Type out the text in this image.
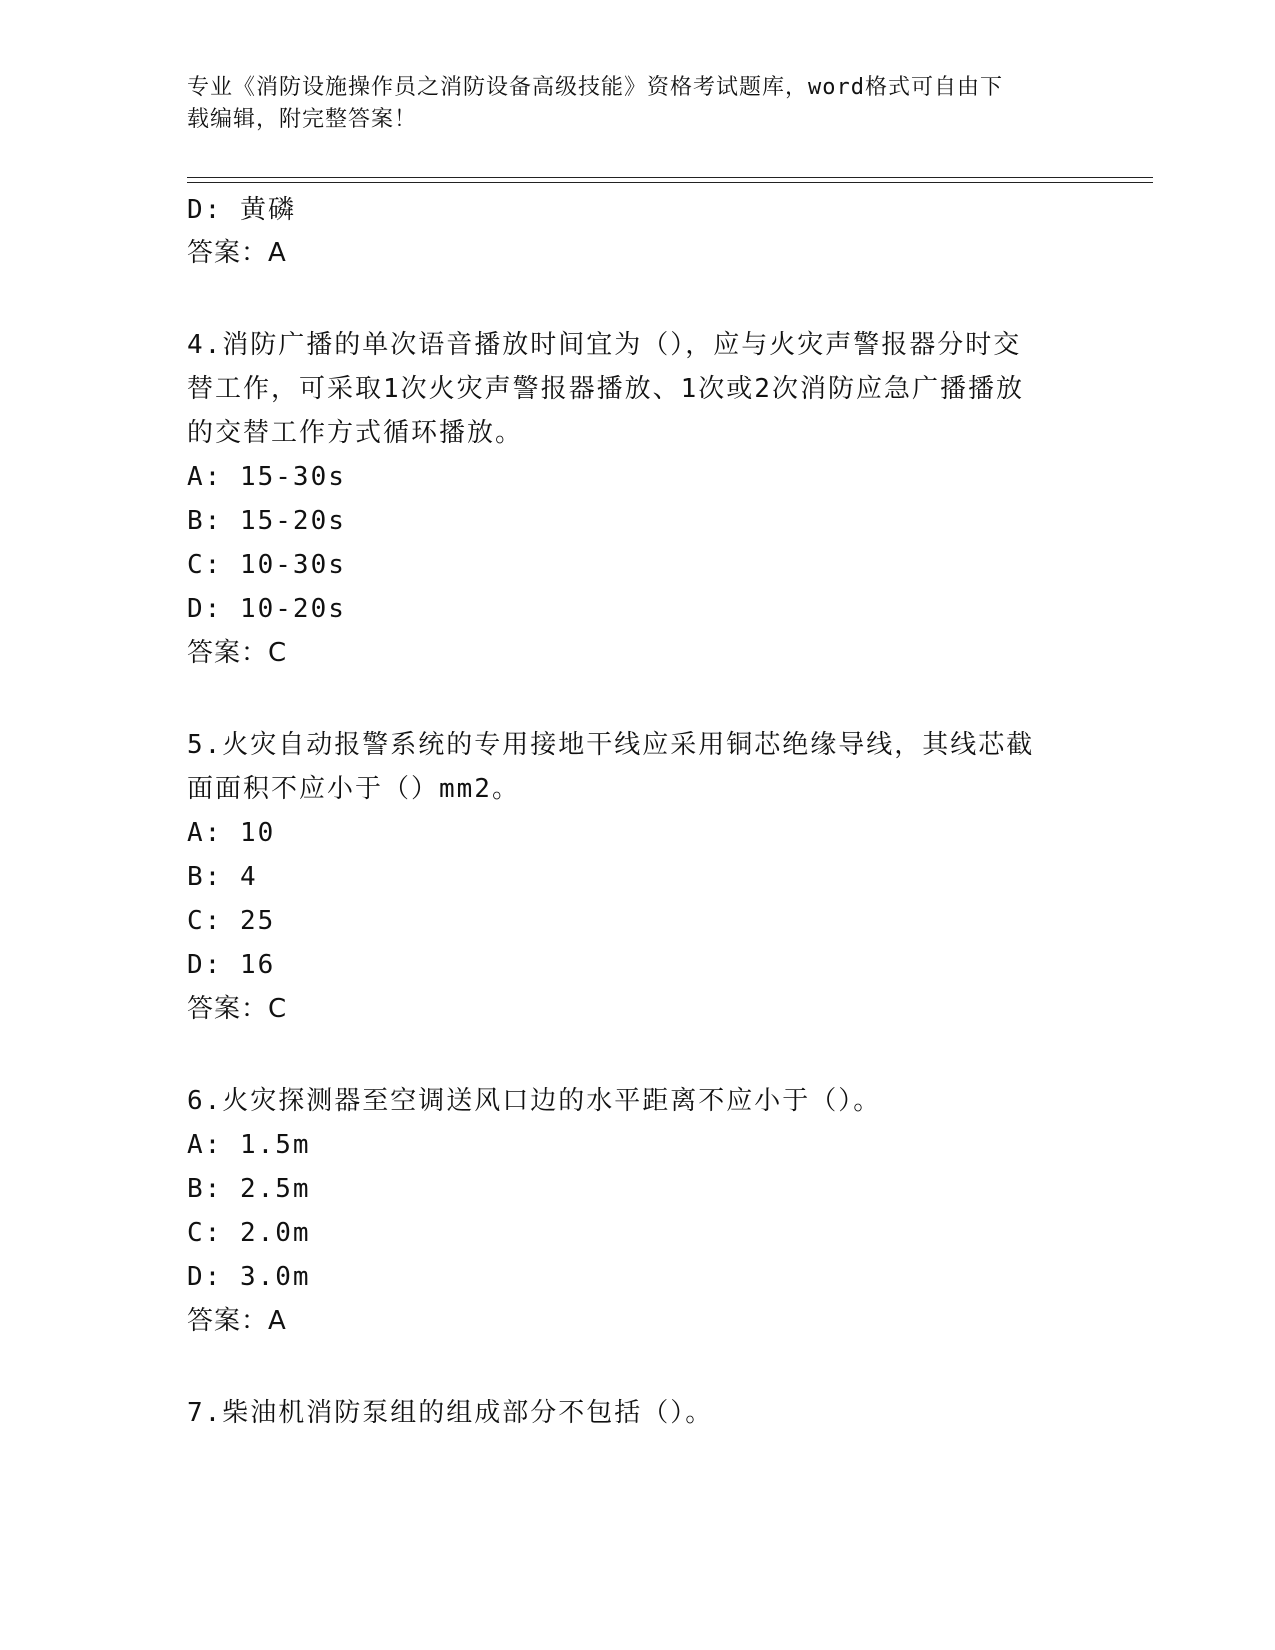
专业《消防设施操作员之消防设备高级技能》资格考试题库，word格式可自由下
载编辑，附完整答案！
D: 黄磷
答案：A
4.消防广播的单次语音播放时间宜为（），应与火灾声警报器分时交
替工作，可采取1次火灾声警报器播放、1次或2次消防应急广播播放
的交替工作方式循环播放。
A: 15-30s
B: 15-20s
C: 10-30s
D: 10-20s
答案：C
5.火灾自动报警系统的专用接地干线应采用铜芯绝缘导线，其线芯截
面面积不应小于（）mm2。
A: 10
B: 4
C: 25
D: 16
答案：C
6.火灾探测器至空调送风口边的水平距离不应小于（）。
A: 1.5m
B: 2.5m
C: 2.0m
D: 3.0m
答案：A
7.柴油机消防泵组的组成部分不包括（）。
